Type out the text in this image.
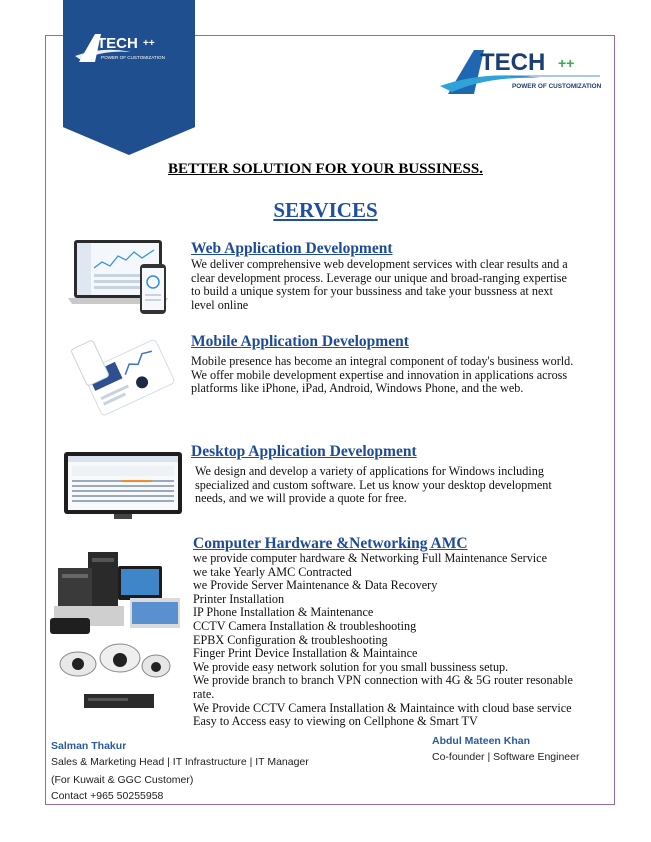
TECH ++
POWER OF CUSTOMIZATION	TECH ++
POWER OF CUSTOMIZATION
BETTER SOLUTION FOR YOUR BUSSINESS.
SERVICES
Web Application Development

We deliver comprehensive web development services with clear results and a

clear development process. Leverage our unique and broad-ranging expertise

to build a unique system for your bussiness and take your bussness at next

level online

Mobile Application Development

Mobile presence has become an integral component of today's business world.

We offer mobile development expertise and innovation in applications across

platforms like iPhone, iPad, Android, Windows Phone, and the web.

Desktop Application Development

We design and develop a variety of applications for Windows including

specialized and custom software. Let us know your desktop development

needs, and we will provide a quote for free.

Computer Hardware &Networking AMC

we provide computer hardware & Networking Full Maintenance Service

we take Yearly AMC Contracted

we Provide Server Maintenance & Data Recovery

Printer Installation

IP Phone Installation & Maintenance

CCTV Camera Installation & troubleshooting

EPBX Configuration & troubleshooting

Finger Print Device Installation & Maintaince

We provide easy network solution for you small bussiness setup.

We provide branch to branch VPN connection with 4G & 5G router resonable

rate.

We Provide CCTV Camera Installation & Maintaince with cloud base service

Easy to Access easy to viewing on Cellphone & Smart TV

Salman Thakur
Sales & Marketing Head | IT Infrastructure | IT Manager
(For Kuwait & GGC Customer)
Contact +965 50255958
Abdul Mateen Khan
Co-founder | Software Engineer
